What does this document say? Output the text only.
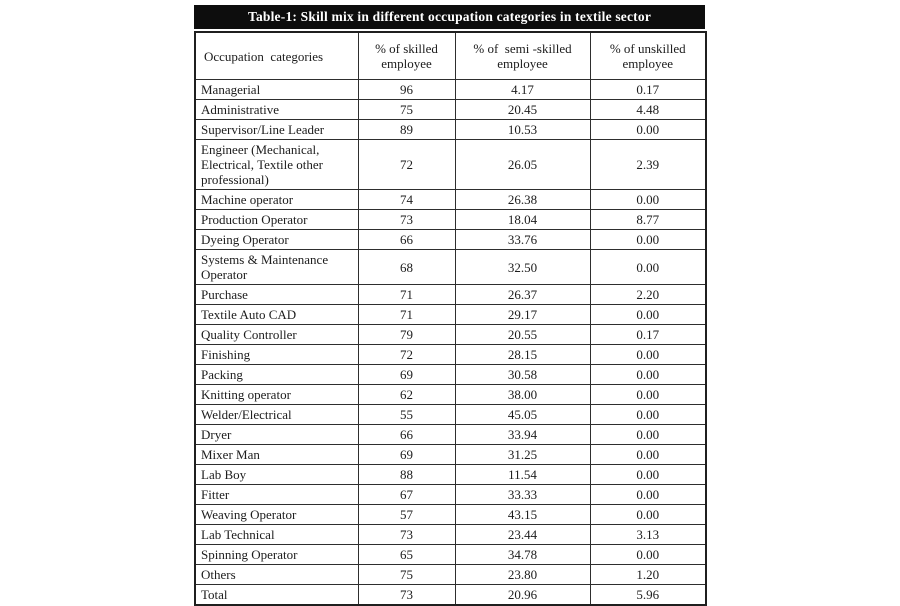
Table-1: Skill mix in different occupation categories in textile sector
Occupation  categories	% of skilled employee	% of  semi -skilled employee	% of unskilled employee
Managerial	96	4.17	0.17
Administrative	75	20.45	4.48
Supervisor/Line Leader	89	10.53	0.00
Engineer (Mechanical, Electrical, Textile other professional)	72	26.05	2.39
Machine operator	74	26.38	0.00
Production Operator	73	18.04	8.77
Dyeing Operator	66	33.76	0.00
Systems & Maintenance Operator	68	32.50	0.00
Purchase	71	26.37	2.20
Textile Auto CAD	71	29.17	0.00
Quality Controller	79	20.55	0.17
Finishing	72	28.15	0.00
Packing	69	30.58	0.00
Knitting operator	62	38.00	0.00
Welder/Electrical	55	45.05	0.00
Dryer	66	33.94	0.00
Mixer Man	69	31.25	0.00
Lab Boy	88	11.54	0.00
Fitter	67	33.33	0.00
Weaving Operator	57	43.15	0.00
Lab Technical	73	23.44	3.13
Spinning Operator	65	34.78	0.00
Others	75	23.80	1.20
Total	73	20.96	5.96
